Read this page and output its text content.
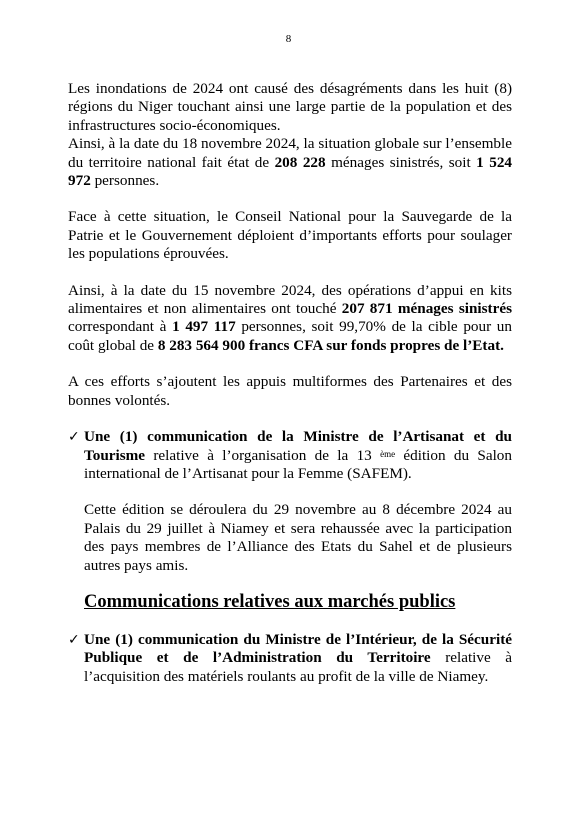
8

Les inondations de 2024 ont causé des désagréments dans les huit (8) régions du Niger touchant ainsi une large partie de la population et des infrastructures socio-économiques.

Ainsi, à la date du 18 novembre 2024, la situation globale sur l’ensemble du territoire national fait état de 208 228 ménages sinistrés, soit 1 524 972 personnes.

Face à cette situation, le Conseil National pour la Sauvegarde de la Patrie et le Gouvernement déploient d’importants efforts pour soulager les populations éprouvées.

Ainsi, à la date du 15 novembre 2024, des opérations d’appui en kits alimentaires et non alimentaires ont touché 207 871 ménages sinistrés correspondant à 1 497 117 personnes, soit 99,70% de la cible pour un coût global de 8 283 564 900 francs CFA sur fonds propres de l’Etat.

A ces efforts s’ajoutent les appuis multiformes des Partenaires et des bonnes volontés.

✓ Une (1) communication de la Ministre de l’Artisanat et du Tourisme relative à l’organisation de la 13 $^{ème}$ édition du Salon international de l’Artisanat pour la Femme (SAFEM).

Cette édition se déroulera du 29 novembre au 8 décembre 2024 au Palais du 29 juillet à Niamey et sera rehaussée avec la participation des pays membres de l’Alliance des Etats du Sahel et de plusieurs autres pays amis.

Communications relatives aux marchés publics
✓ Une (1) communication du Ministre de l’Intérieur, de la Sécurité Publique et de l’Administration du Territoire relative à l’acquisition des matériels roulants au profit de la ville de Niamey.
